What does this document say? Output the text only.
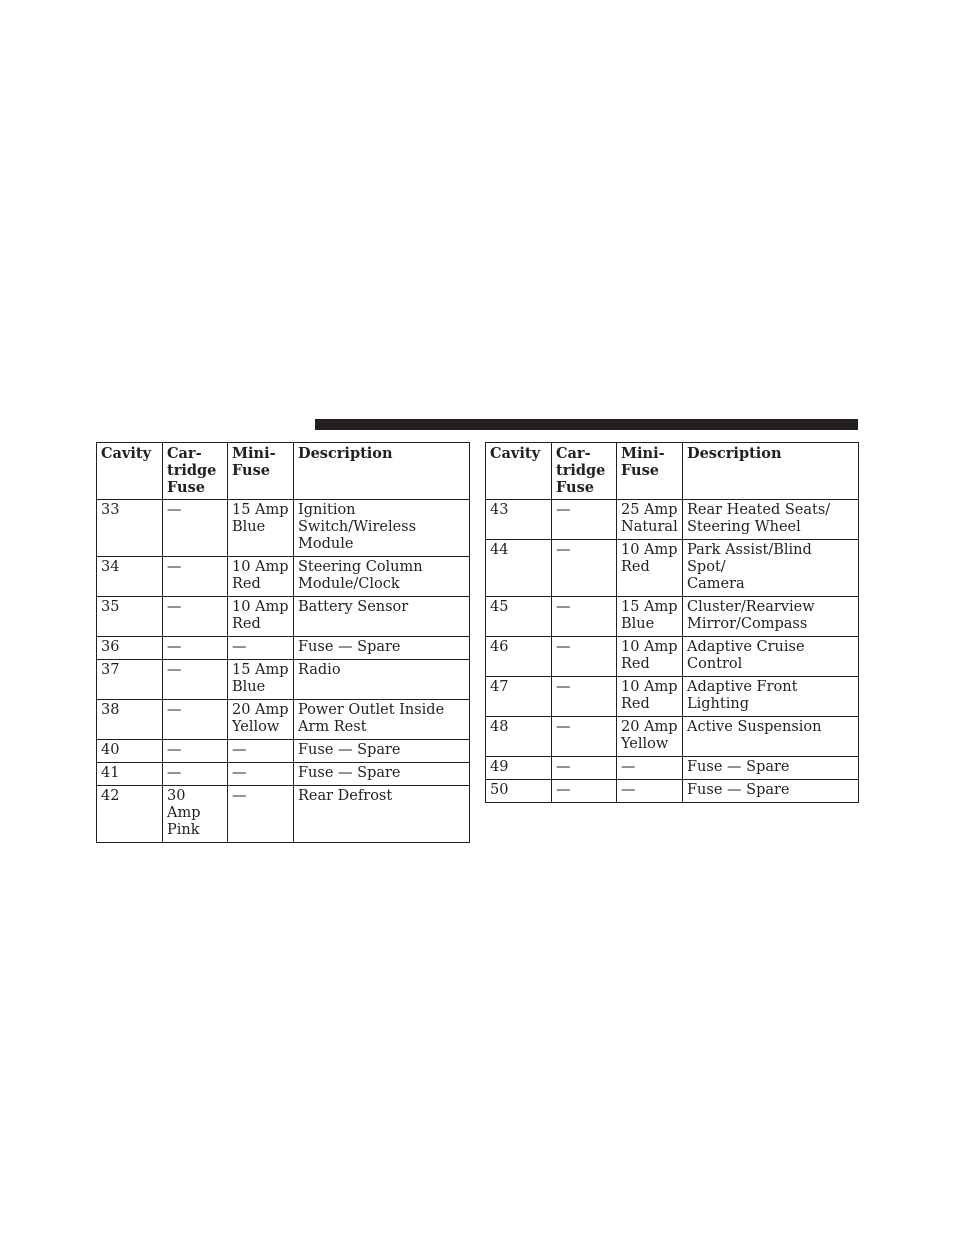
Cavity	Car-
tridge
Fuse	Mini-
Fuse	Description
33	—	15 Amp
Blue	Ignition Switch/Wireless
Module
34	—	10 Amp
Red	Steering Column
Module/Clock
35	—	10 Amp
Red	Battery Sensor
36	—	—	Fuse — Spare
37	—	15 Amp
Blue	Radio
38	—	20 Amp
Yellow	Power Outlet Inside
Arm Rest
40	—	—	Fuse — Spare
41	—	—	Fuse — Spare
42	30 Amp
Pink	—	Rear Defrost
Cavity	Car-
tridge
Fuse	Mini-
Fuse	Description
43	—	25 Amp
Natural	Rear Heated Seats/
Steering Wheel
44	—	10 Amp
Red	Park Assist/Blind Spot/
Camera
45	—	15 Amp
Blue	Cluster/Rearview
Mirror/Compass
46	—	10 Amp
Red	Adaptive Cruise Control
47	—	10 Amp
Red	Adaptive Front Lighting
48	—	20 Amp
Yellow	Active Suspension
49	—	—	Fuse — Spare
50	—	—	Fuse — Spare
